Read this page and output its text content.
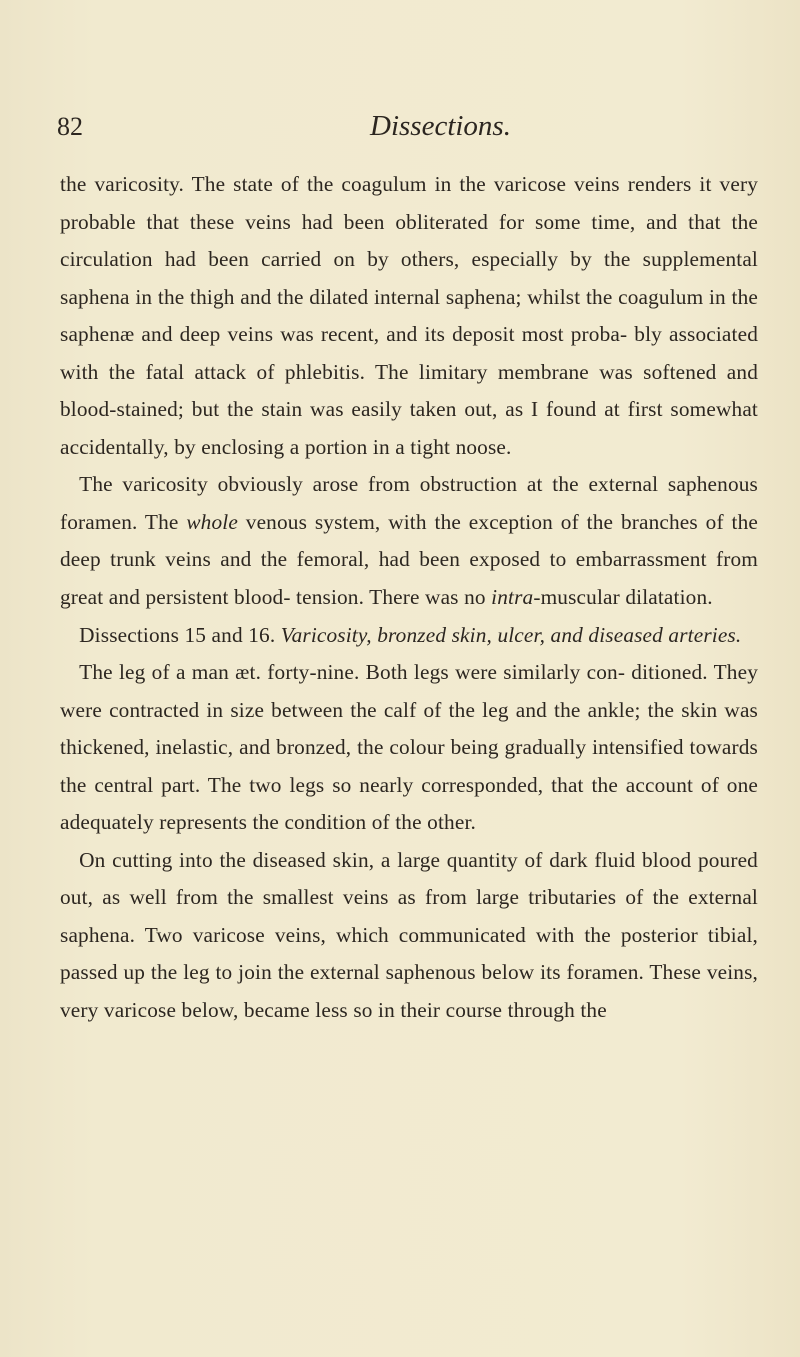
82	Dissections.

the varicosity. The state of the coagulum in the varicose veins renders it very probable that these veins had been obliterated for some time, and that the circulation had been carried on by others, especially by the supplemental saphena in the thigh and the dilated internal saphena; whilst the coagulum in the saphenæ and deep veins was recent, and its deposit most proba- bly associated with the fatal attack of phlebitis. The limitary membrane was softened and blood-stained; but the stain was easily taken out, as I found at first somewhat accidentally, by enclosing a portion in a tight noose.

The varicosity obviously arose from obstruction at the external saphenous foramen. The whole venous system, with the exception of the branches of the deep trunk veins and the femoral, had been exposed to embarrassment from great and persistent blood- tension. There was no intra-muscular dilatation.

Dissections 15 and 16. Varicosity, bronzed skin, ulcer, and diseased arteries.

The leg of a man æt. forty-nine. Both legs were similarly con- ditioned. They were contracted in size between the calf of the leg and the ankle; the skin was thickened, inelastic, and bronzed, the colour being gradually intensified towards the central part. The two legs so nearly corresponded, that the account of one adequately represents the condition of the other.

On cutting into the diseased skin, a large quantity of dark fluid blood poured out, as well from the smallest veins as from large tributaries of the external saphena. Two varicose veins, which communicated with the posterior tibial, passed up the leg to join the external saphenous below its foramen. These veins, very varicose below, became less so in their course through the
